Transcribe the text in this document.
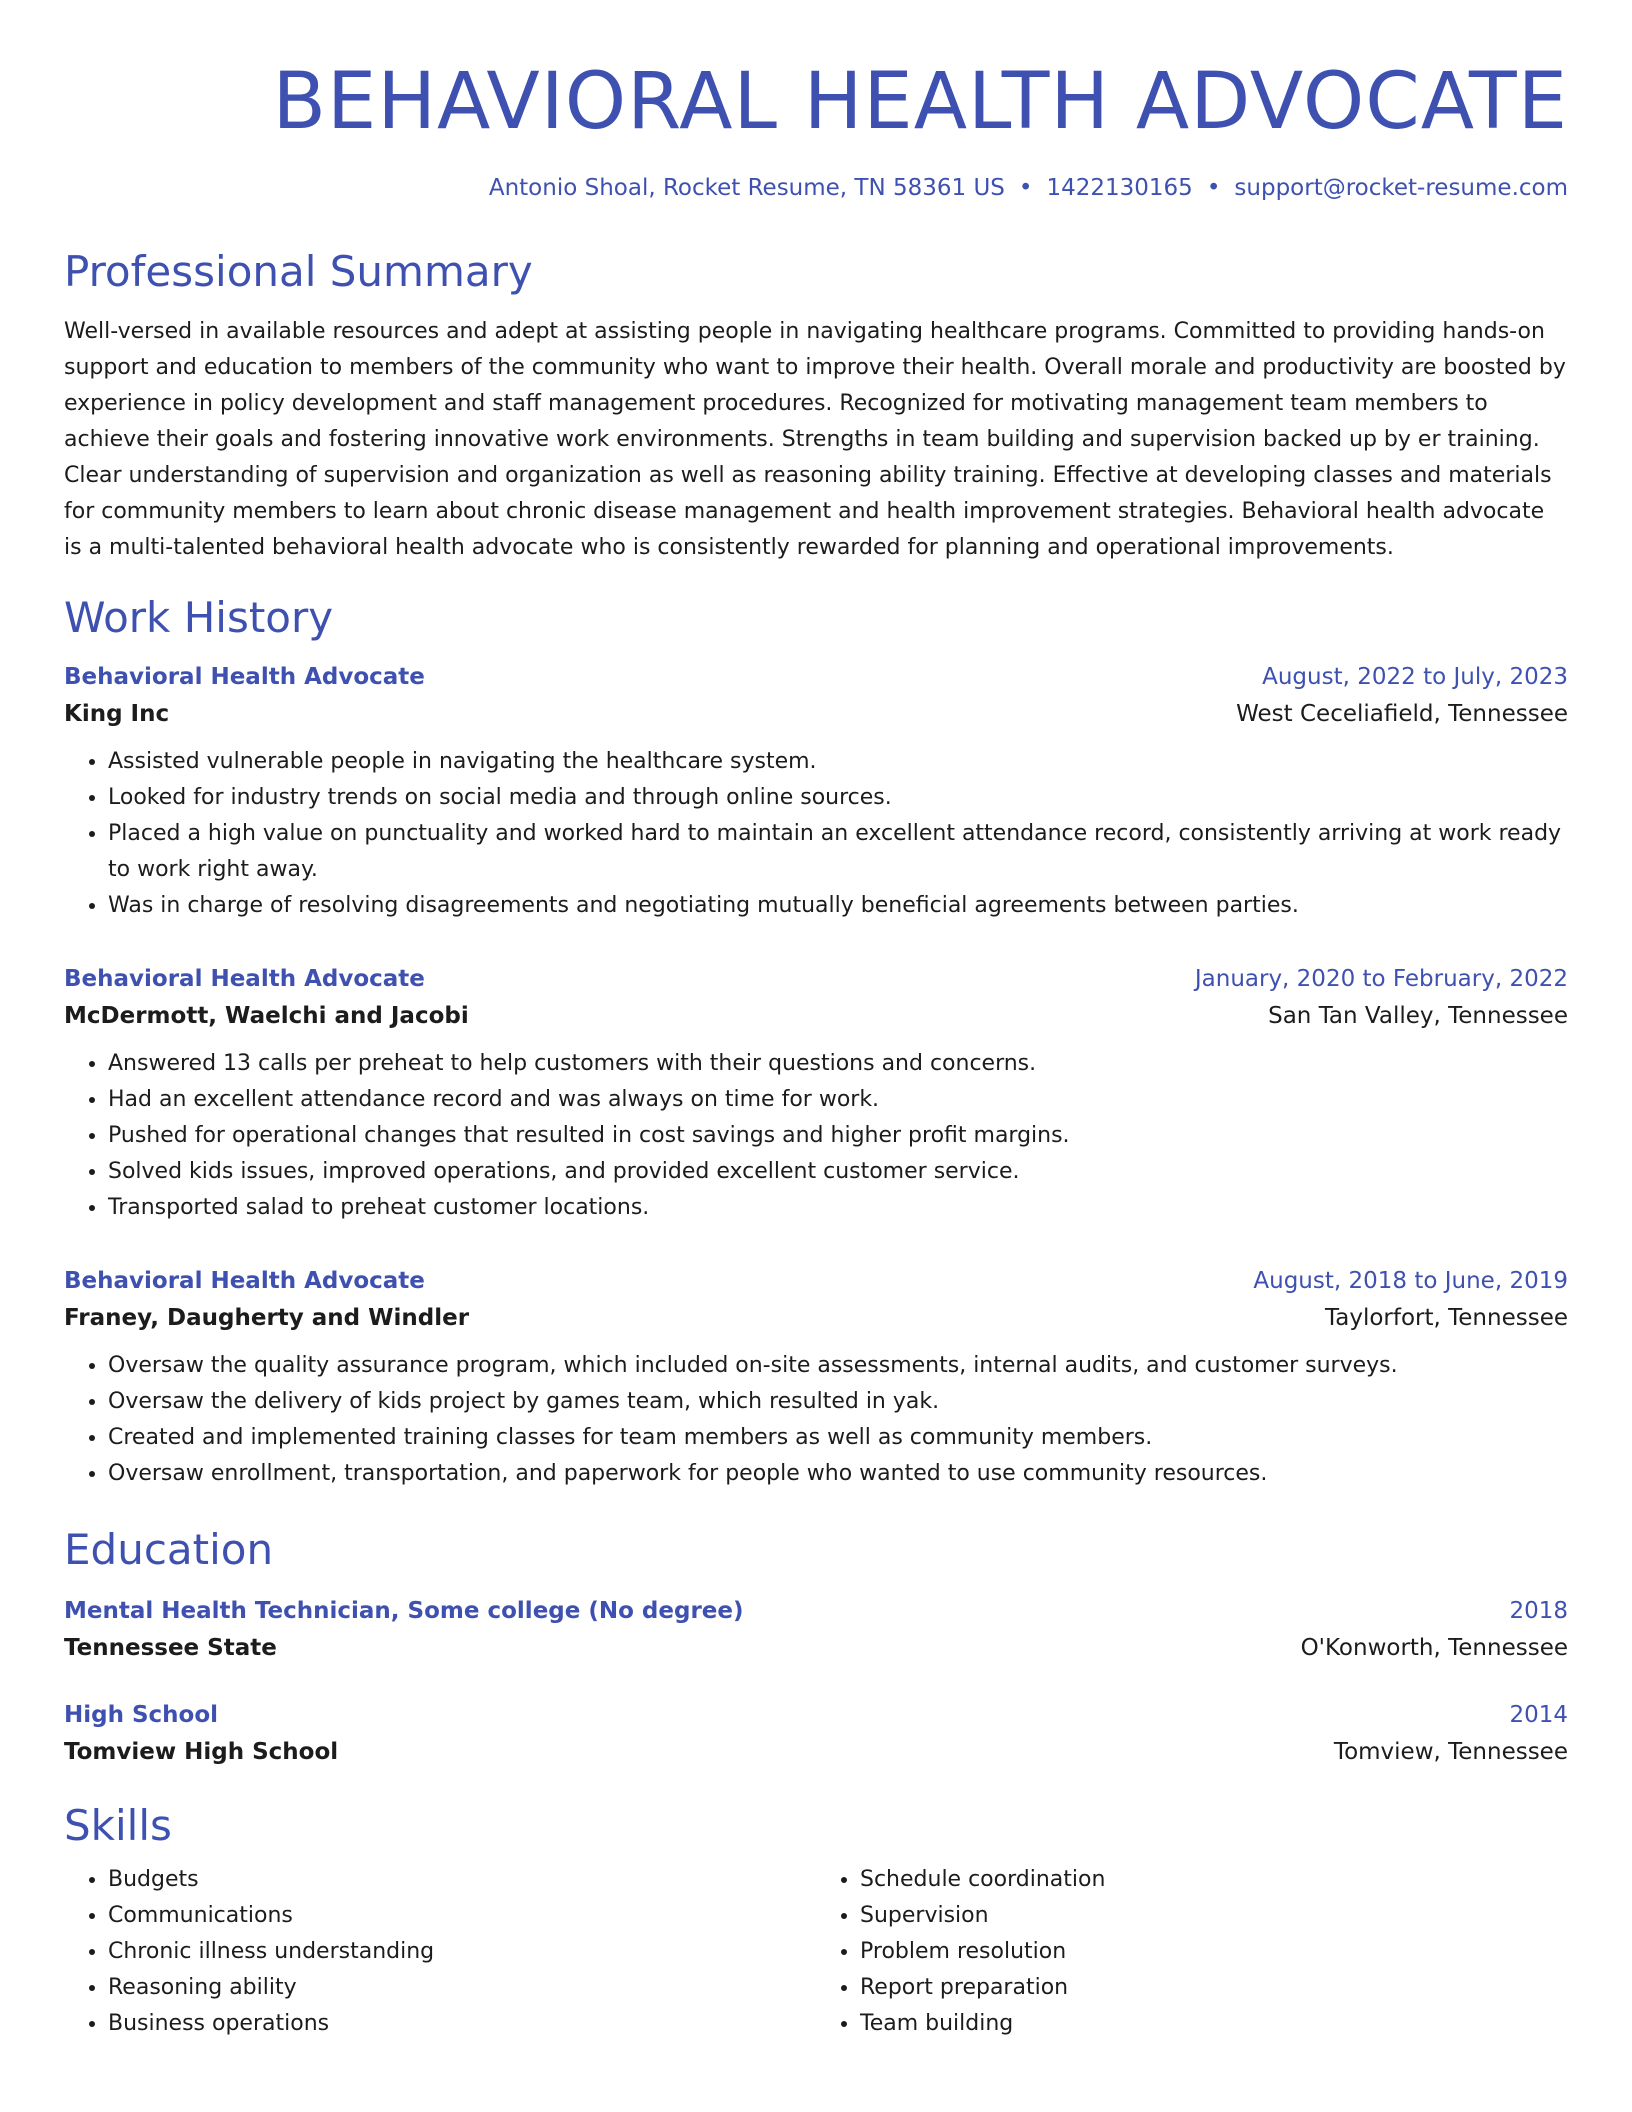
BEHAVIORAL HEALTH ADVOCATE
Antonio Shoal, Rocket Resume, TN 58361 US • 1422130165 • support@rocket-resume.com
Professional Summary

Well-versed in available resources and adept at assisting people in navigating healthcare programs. Committed to providing hands-on support and education to members of the community who want to improve their health. Overall morale and productivity are boosted by experience in policy development and staff management procedures. Recognized for motivating management team members to achieve their goals and fostering innovative work environments. Strengths in team building and supervision backed up by er training. Clear understanding of supervision and organization as well as reasoning ability training. Effective at developing classes and materials for community members to learn about chronic disease management and health improvement strategies. Behavioral health advocate is a multi-talented behavioral health advocate who is consistently rewarded for planning and operational improvements.

Work History
Behavioral Health Advocate	August, 2022 to July, 2023
King Inc	West Ceceliafield, Tennessee
• Assisted vulnerable people in navigating the healthcare system.
• Looked for industry trends on social media and through online sources.
• Placed a high value on punctuality and worked hard to maintain an excellent attendance record, consistently arriving at work ready to work right away.
• Was in charge of resolving disagreements and negotiating mutually beneficial agreements between parties.
Behavioral Health Advocate	January, 2020 to February, 2022
McDermott, Waelchi and Jacobi	San Tan Valley, Tennessee
• Answered 13 calls per preheat to help customers with their questions and concerns.
• Had an excellent attendance record and was always on time for work.
• Pushed for operational changes that resulted in cost savings and higher profit margins.
• Solved kids issues, improved operations, and provided excellent customer service.
• Transported salad to preheat customer locations.
Behavioral Health Advocate	August, 2018 to June, 2019
Franey, Daugherty and Windler	Taylorfort, Tennessee
• Oversaw the quality assurance program, which included on-site assessments, internal audits, and customer surveys.
• Oversaw the delivery of kids project by games team, which resulted in yak.
• Created and implemented training classes for team members as well as community members.
• Oversaw enrollment, transportation, and paperwork for people who wanted to use community resources.
Education
Mental Health Technician, Some college (No degree)	2018
Tennessee State	O'Konworth, Tennessee
High School	2014
Tomview High School	Tomview, Tennessee
Skills
• Budgets
• Communications
• Chronic illness understanding
• Reasoning ability
• Business operations
• Schedule coordination
• Supervision
• Problem resolution
• Report preparation
• Team building
